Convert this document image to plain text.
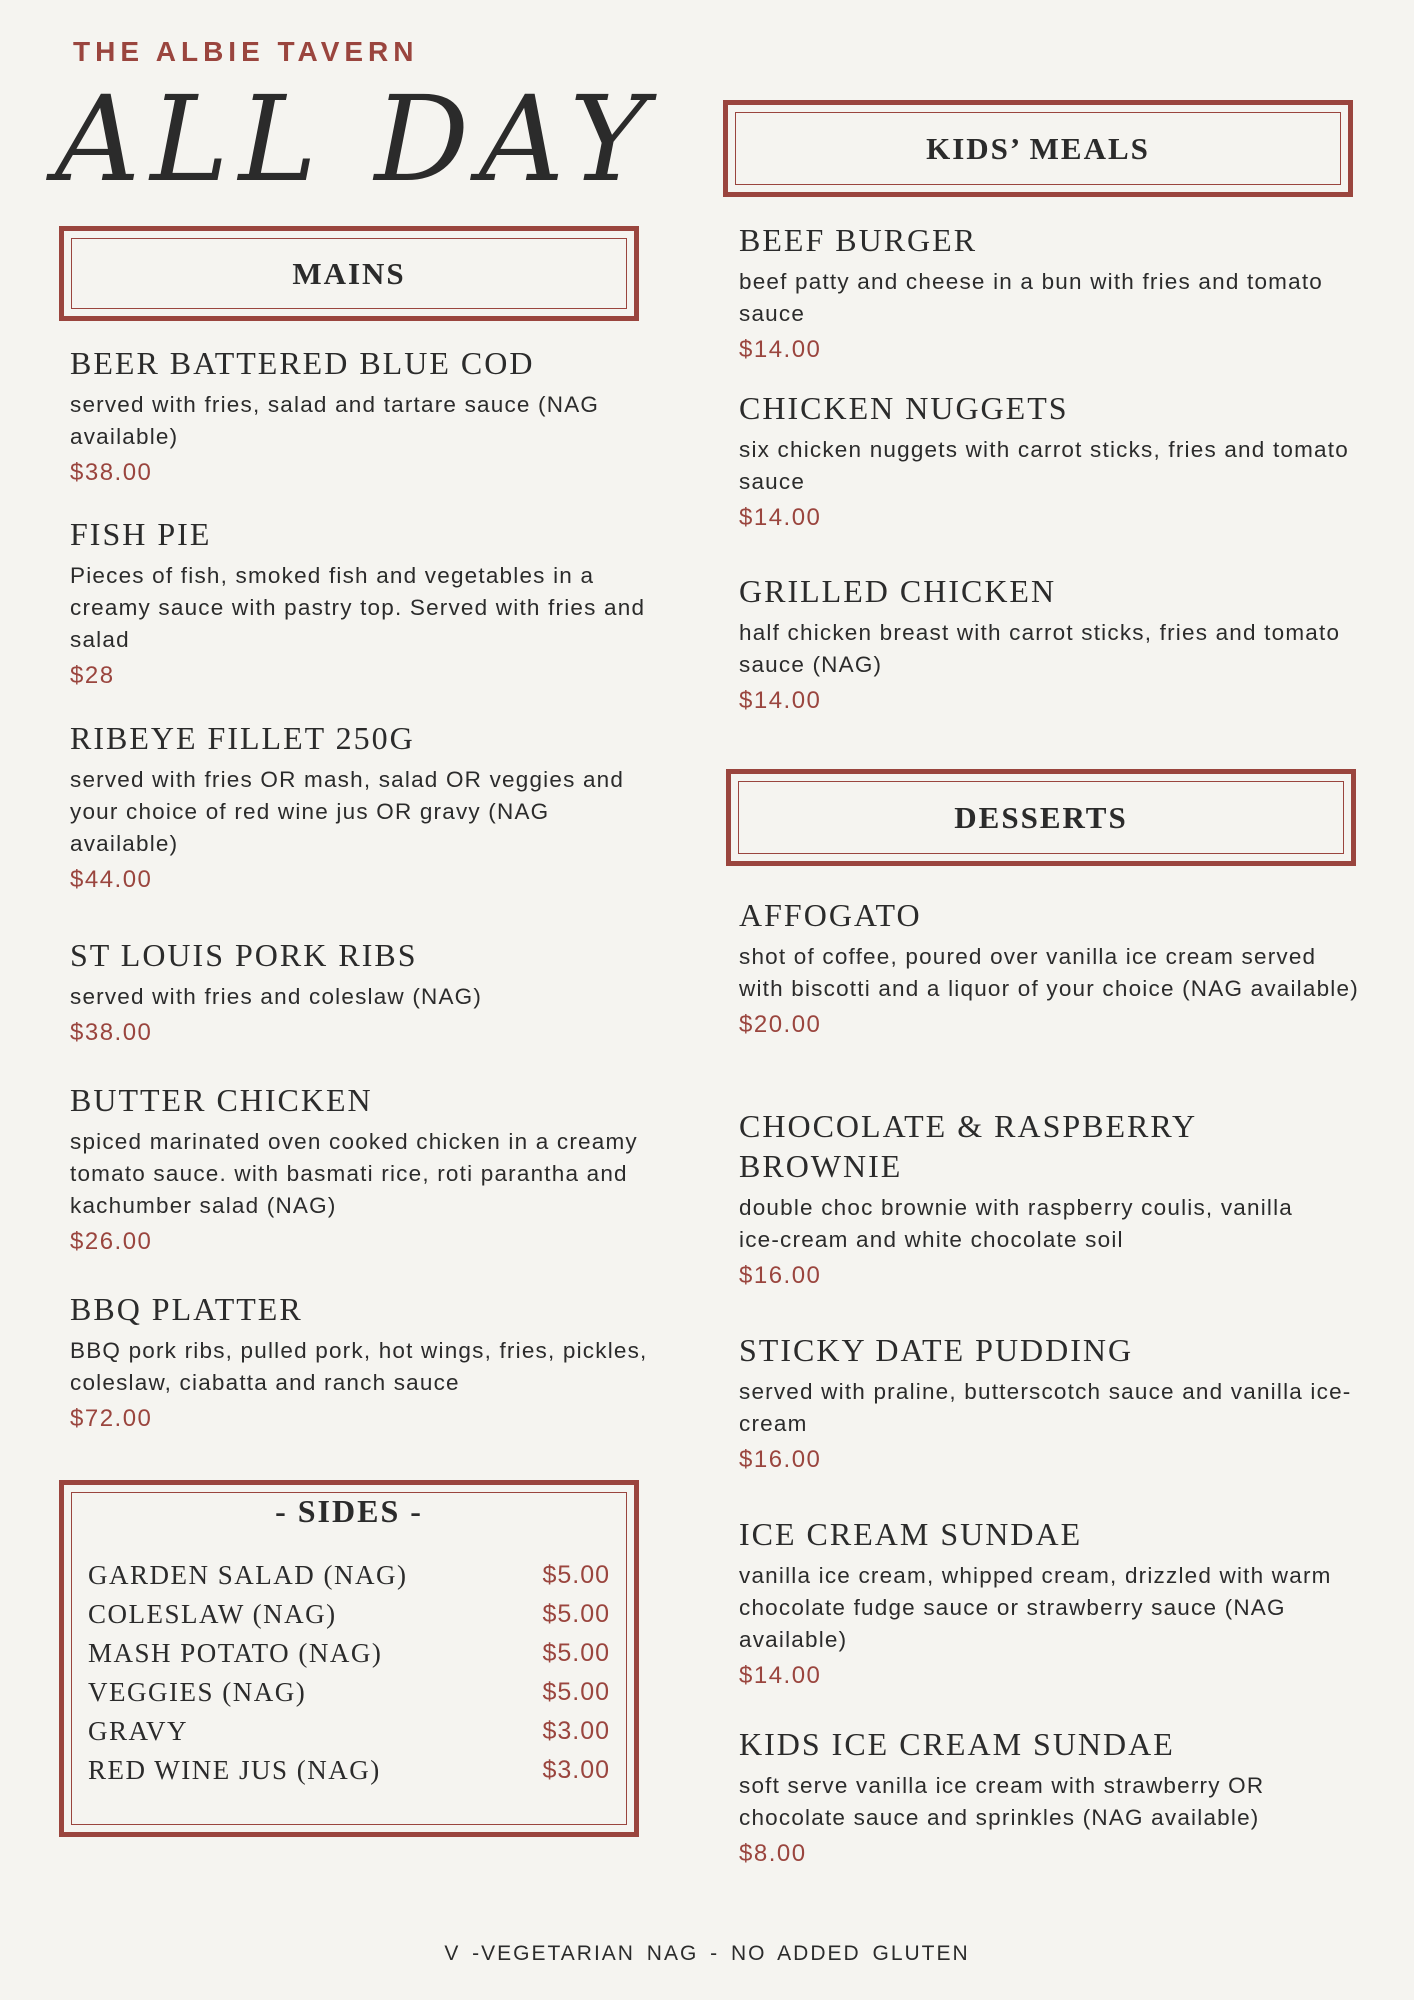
THE ALBIE TAVERN
ALL DAY
MAINS
BEER BATTERED BLUE COD
served with fries, salad and tartare sauce (NAG available)
$38.00
FISH PIE
Pieces of fish, smoked fish and vegetables in a creamy sauce with pastry top. Served with fries and salad
$28
RIBEYE FILLET 250G
served with fries OR mash, salad OR veggies and your choice of red wine jus OR gravy (NAG available)
$44.00
ST LOUIS PORK RIBS
served with fries and coleslaw (NAG)
$38.00
BUTTER CHICKEN
spiced marinated oven cooked chicken in a creamy tomato sauce. with basmati rice, roti parantha and kachumber salad (NAG)
$26.00
BBQ PLATTER
BBQ pork ribs, pulled pork, hot wings, fries, pickles, coleslaw, ciabatta and ranch sauce
$72.00
- SIDES -
GARDEN SALAD (NAG)	$5.00
COLESLAW (NAG)	$5.00
MASH POTATO (NAG)	$5.00
VEGGIES (NAG)	$5.00
GRAVY	$3.00
RED WINE JUS (NAG)	$3.00
KIDS’ MEALS
BEEF BURGER
beef patty and cheese in a bun with fries and tomato sauce
$14.00
CHICKEN NUGGETS
six chicken nuggets with carrot sticks, fries and tomato sauce
$14.00
GRILLED CHICKEN
half chicken breast with carrot sticks, fries and tomato sauce (NAG)
$14.00
AFFOGATO
shot of coffee, poured over vanilla ice cream served with biscotti and a liquor of your choice (NAG available)
$20.00
CHOCOLATE & RASPBERRY BROWNIE
double choc brownie with raspberry coulis, vanilla ice-cream and white chocolate soil
$16.00
STICKY DATE PUDDING
served with praline, butterscotch sauce and vanilla ice-cream
$16.00
ICE CREAM SUNDAE
vanilla ice cream, whipped cream, drizzled with warm chocolate fudge sauce or strawberry sauce (NAG available)
$14.00
KIDS ICE CREAM SUNDAE
soft serve vanilla ice cream with strawberry OR chocolate sauce and sprinkles (NAG available)
$8.00
DESSERTS
V -VEGETARIAN NAG - NO ADDED GLUTEN
